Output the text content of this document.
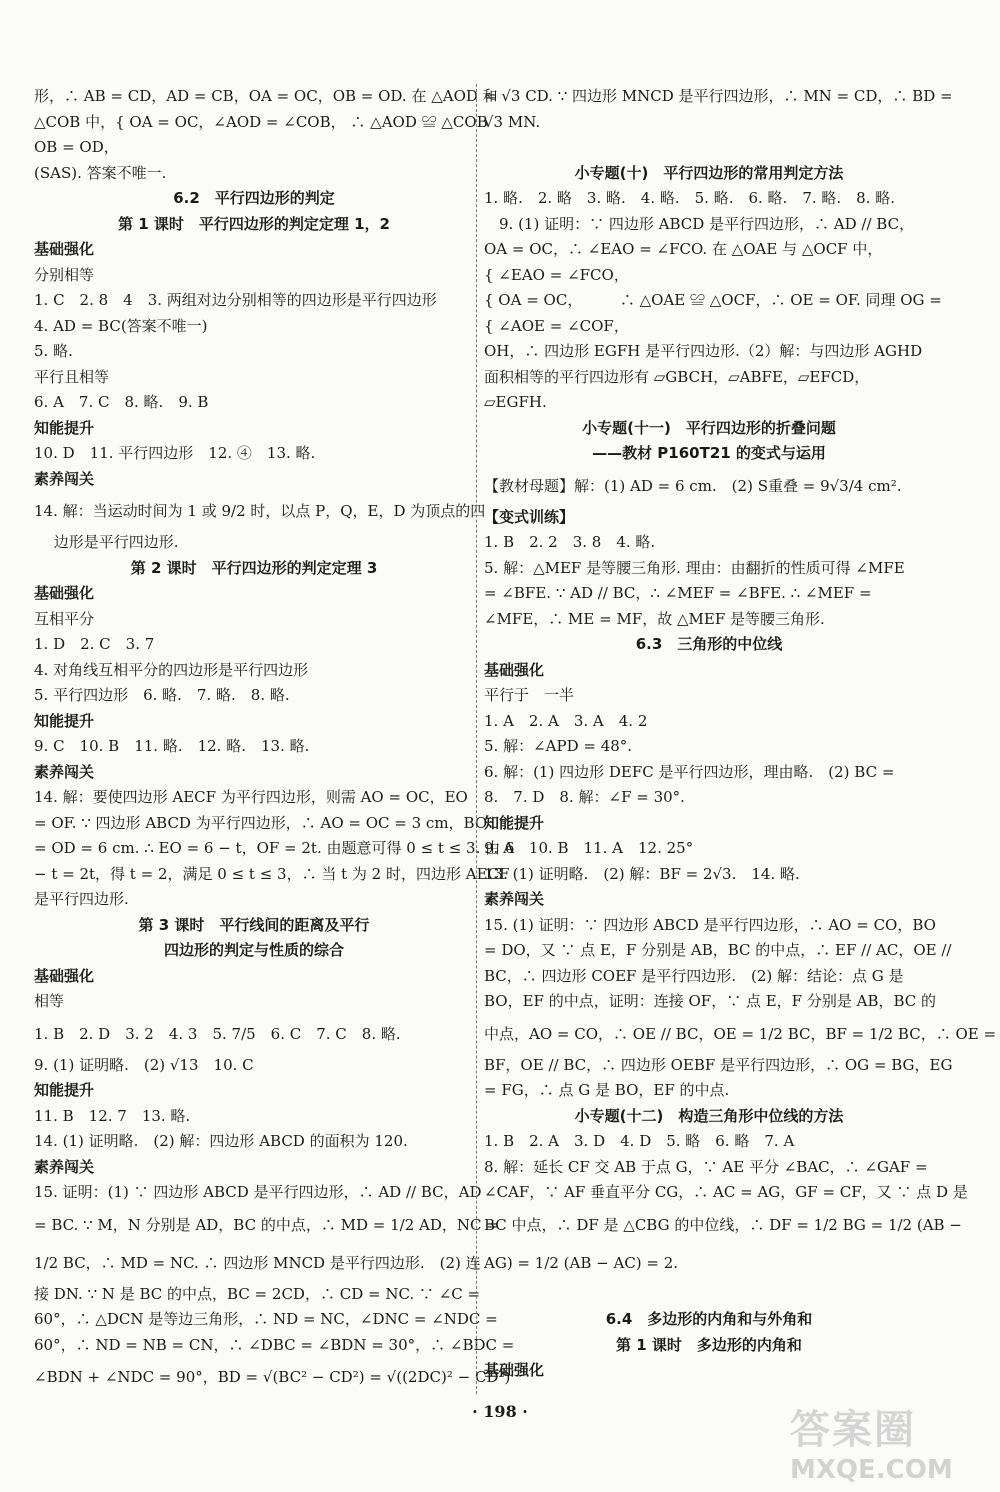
形，∴ AB = CD，AD = CB，OA = OC，OB = OD. 在 △AOD 和
△COB 中，{ OA = OC，∠AOD = ∠COB， ∴ △AOD ≌ △COB
OB = OD，
(SAS). 答案不唯一.
6.2　平行四边形的判定
第 1 课时　平行四边形的判定定理 1，2
基础强化
分别相等
1. C　2. 8　4　3. 两组对边分别相等的四边形是平行四边形
4. AD = BC(答案不唯一)
5. 略.
平行且相等
6. A　7. C　8. 略.　9. B
知能提升
10. D　11. 平行四边形　12. ④　13. 略.
素养闯关
14. 解：当运动时间为 1 或 9/2 时，以点 P，Q，E，D 为顶点的四
　 边形是平行四边形.
第 2 课时　平行四边形的判定定理 3
基础强化
互相平分
1. D　2. C　3. 7
4. 对角线互相平分的四边形是平行四边形
5. 平行四边形　6. 略.　7. 略.　8. 略.
知能提升
9. C　10. B　11. 略.　12. 略.　13. 略.
素养闯关
14. 解：要使四边形 AECF 为平行四边形，则需 AO = OC，EO
= OF. ∵ 四边形 ABCD 为平行四边形，∴ AO = OC = 3 cm，BO
= OD = 6 cm. ∴ EO = 6 − t，OF = 2t. 由题意可得 0 ≤ t ≤ 3. 由 6
− t = 2t，得 t = 2，满足 0 ≤ t ≤ 3，∴ 当 t 为 2 时，四边形 AECF
是平行四边形.
第 3 课时　平行线间的距离及平行
四边形的判定与性质的综合
基础强化
相等
1. B　2. D　3. 2　4. 3　5. 7/5　6. C　7. C　8. 略.
9. (1) 证明略.　(2) √13　10. C
知能提升
11. B　12. 7　13. 略.
14. (1) 证明略.　(2) 解：四边形 ABCD 的面积为 120.
素养闯关
15. 证明：(1) ∵ 四边形 ABCD 是平行四边形，∴ AD // BC，AD
= BC. ∵ M，N 分别是 AD，BC 的中点，∴ MD = 1/2 AD，NC =
1/2 BC，∴ MD = NC. ∴ 四边形 MNCD 是平行四边形.　(2) 连
接 DN. ∵ N 是 BC 的中点，BC = 2CD，∴ CD = NC. ∵ ∠C =
60°，∴ △DCN 是等边三角形，∴ ND = NC，∠DNC = ∠NDC =
60°，∴ ND = NB = CN，∴ ∠DBC = ∠BDN = 30°，∴ ∠BDC =
∠BDN + ∠NDC = 90°，BD = √(BC² − CD²) = √((2DC)² − CD²)
= √3 CD. ∵ 四边形 MNCD 是平行四边形，∴ MN = CD，∴ BD =
√3 MN.
小专题(十)　平行四边形的常用判定方法
1. 略.　2. 略　3. 略.　4. 略.　5. 略.　6. 略.　7. 略.　8. 略.
　9. (1) 证明：∵ 四边形 ABCD 是平行四边形，∴ AD // BC，
OA = OC，∴ ∠EAO = ∠FCO. 在 △OAE 与 △OCF 中，
{ ∠EAO = ∠FCO，
{ OA = OC，　　　∴ △OAE ≌ △OCF，∴ OE = OF. 同理 OG =
{ ∠AOE = ∠COF，
OH，∴ 四边形 EGFH 是平行四边形.（2）解：与四边形 AGHD
面积相等的平行四边形有 ▱GBCH，▱ABFE，▱EFCD，
▱EGFH.
小专题(十一)　平行四边形的折叠问题
——教材 P160T21 的变式与运用
【教材母题】解：(1) AD = 6 cm.　(2) S重叠 = 9√3/4 cm².
【变式训练】
1. B　2. 2　3. 8　4. 略.
5. 解：△MEF 是等腰三角形. 理由：由翻折的性质可得 ∠MFE
= ∠BFE. ∵ AD // BC，∴ ∠MEF = ∠BFE. ∴ ∠MEF =
∠MFE，∴ ME = MF，故 △MEF 是等腰三角形.
6.3　三角形的中位线
基础强化
平行于　一半
1. A　2. A　3. A　4. 2
5. 解：∠APD = 48°.
6. 解：(1) 四边形 DEFC 是平行四边形，理由略.　(2) BC =
8.　7. D　8. 解：∠F = 30°.
知能提升
9. A　10. B　11. A　12. 25°
13. (1) 证明略.　(2) 解：BF = 2√3.　14. 略.
素养闯关
15. (1) 证明：∵ 四边形 ABCD 是平行四边形，∴ AO = CO，BO
= DO，又 ∵ 点 E，F 分别是 AB，BC 的中点，∴ EF // AC，OE //
BC，∴ 四边形 COEF 是平行四边形.　(2) 解：结论：点 G 是
BO，EF 的中点，证明：连接 OF，∵ 点 E，F 分别是 AB，BC 的
中点，AO = CO，∴ OE // BC，OE = 1/2 BC，BF = 1/2 BC，∴ OE =
BF，OE // BC，∴ 四边形 OEBF 是平行四边形，∴ OG = BG，EG
= FG，∴ 点 G 是 BO，EF 的中点.
小专题(十二)　构造三角形中位线的方法
1. B　2. A　3. D　4. D　5. 略　6. 略　7. A
8. 解：延长 CF 交 AB 于点 G，∵ AE 平分 ∠BAC，∴ ∠GAF =
∠CAF，∵ AF 垂直平分 CG，∴ AC = AG，GF = CF，又 ∵ 点 D 是
BC 中点，∴ DF 是 △CBG 的中位线，∴ DF = 1/2 BG = 1/2 (AB −
AG) = 1/2 (AB − AC) = 2.
6.4　多边形的内角和与外角和
第 1 课时　多边形的内角和
基础强化
· 198 ·	答案圈
MXQE.COM
